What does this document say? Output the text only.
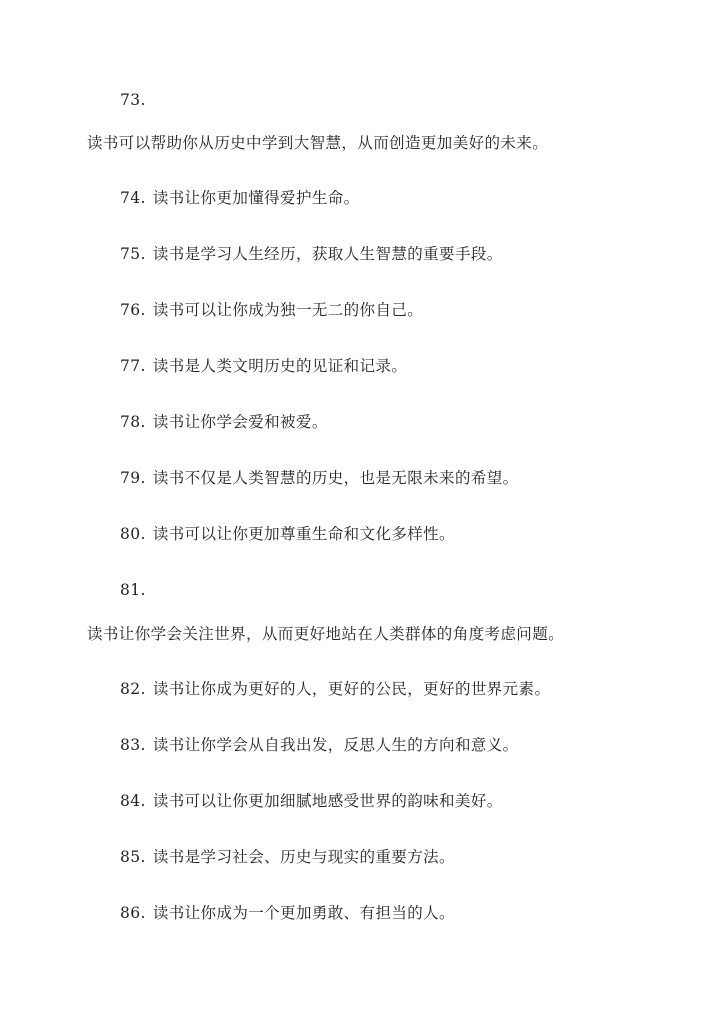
73.
读书可以帮助你从历史中学到大智慧，从而创造更加美好的未来。
74. 读书让你更加懂得爱护生命。
75. 读书是学习人生经历，获取人生智慧的重要手段。
76. 读书可以让你成为独一无二的你自己。
77. 读书是人类文明历史的见证和记录。
78. 读书让你学会爱和被爱。
79. 读书不仅是人类智慧的历史，也是无限未来的希望。
80. 读书可以让你更加尊重生命和文化多样性。
81.
读书让你学会关注世界，从而更好地站在人类群体的角度考虑问题。
82. 读书让你成为更好的人，更好的公民，更好的世界元素。
83. 读书让你学会从自我出发，反思人生的方向和意义。
84. 读书可以让你更加细腻地感受世界的韵味和美好。
85. 读书是学习社会、历史与现实的重要方法。
86. 读书让你成为一个更加勇敢、有担当的人。
